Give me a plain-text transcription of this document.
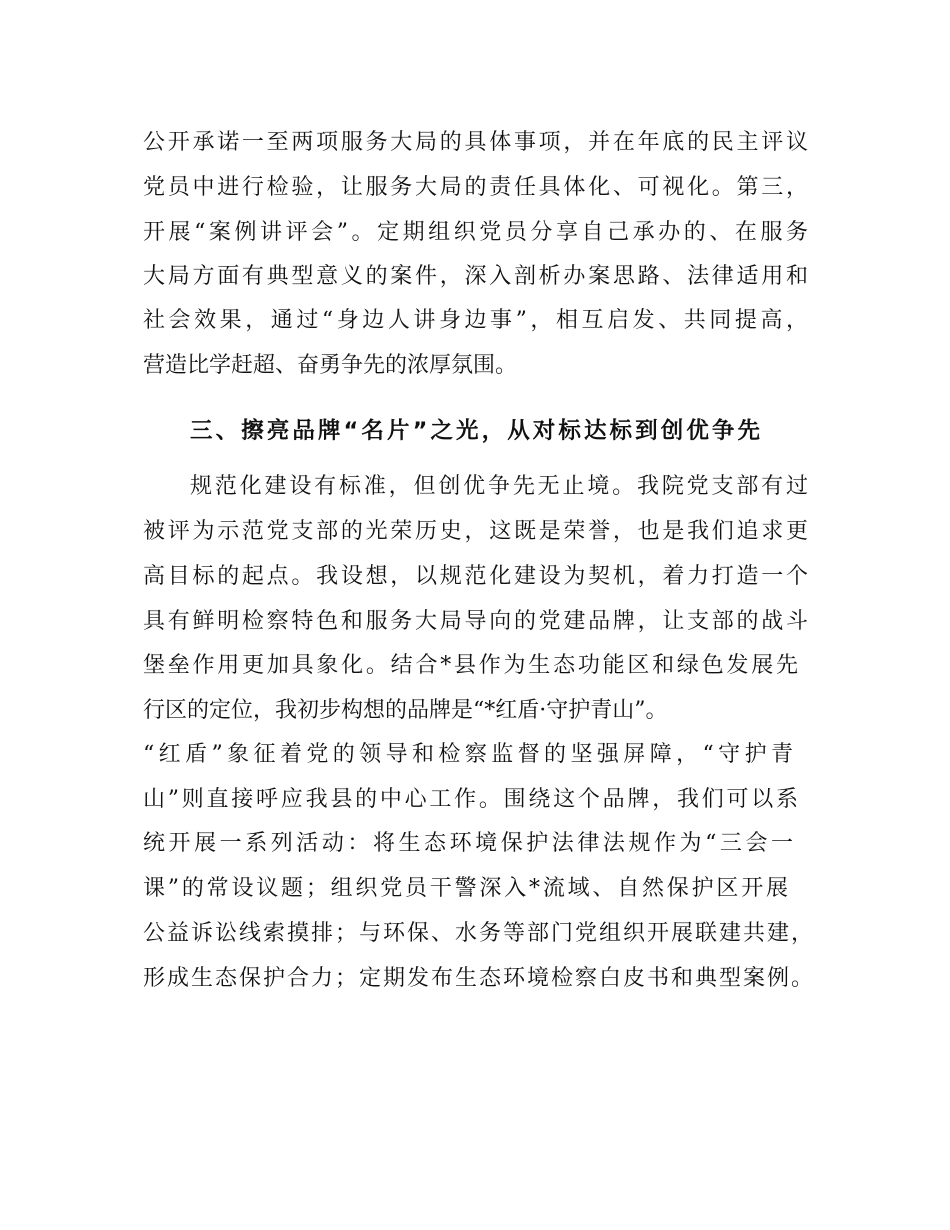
公开承诺一至两项服务大局的具体事项，并在年底的民主评议
党员中进行检验，让服务大局的责任具体化、可视化。第三，
开展“案例讲评会”。定期组织党员分享自己承办的、在服务
大局方面有典型意义的案件，深入剖析办案思路、法律适用和
社会效果，通过“身边人讲身边事”，相互启发、共同提高，
营造比学赶超、奋勇争先的浓厚氛围。
三、擦亮品牌“名片”之光，从对标达标到创优争先
规范化建设有标准，但创优争先无止境。我院党支部有过
被评为示范党支部的光荣历史，这既是荣誉，也是我们追求更
高目标的起点。我设想，以规范化建设为契机，着力打造一个
具有鲜明检察特色和服务大局导向的党建品牌，让支部的战斗
堡垒作用更加具象化。结合*县作为生态功能区和绿色发展先
行区的定位，我初步构想的品牌是“*红盾·守护青山”。
“红盾”象征着党的领导和检察监督的坚强屏障，“守护青
山”则直接呼应我县的中心工作。围绕这个品牌，我们可以系
统开展一系列活动：将生态环境保护法律法规作为“三会一
课”的常设议题；组织党员干警深入*流域、自然保护区开展
公益诉讼线索摸排；与环保、水务等部门党组织开展联建共建，
形成生态保护合力；定期发布生态环境检察白皮书和典型案例。
